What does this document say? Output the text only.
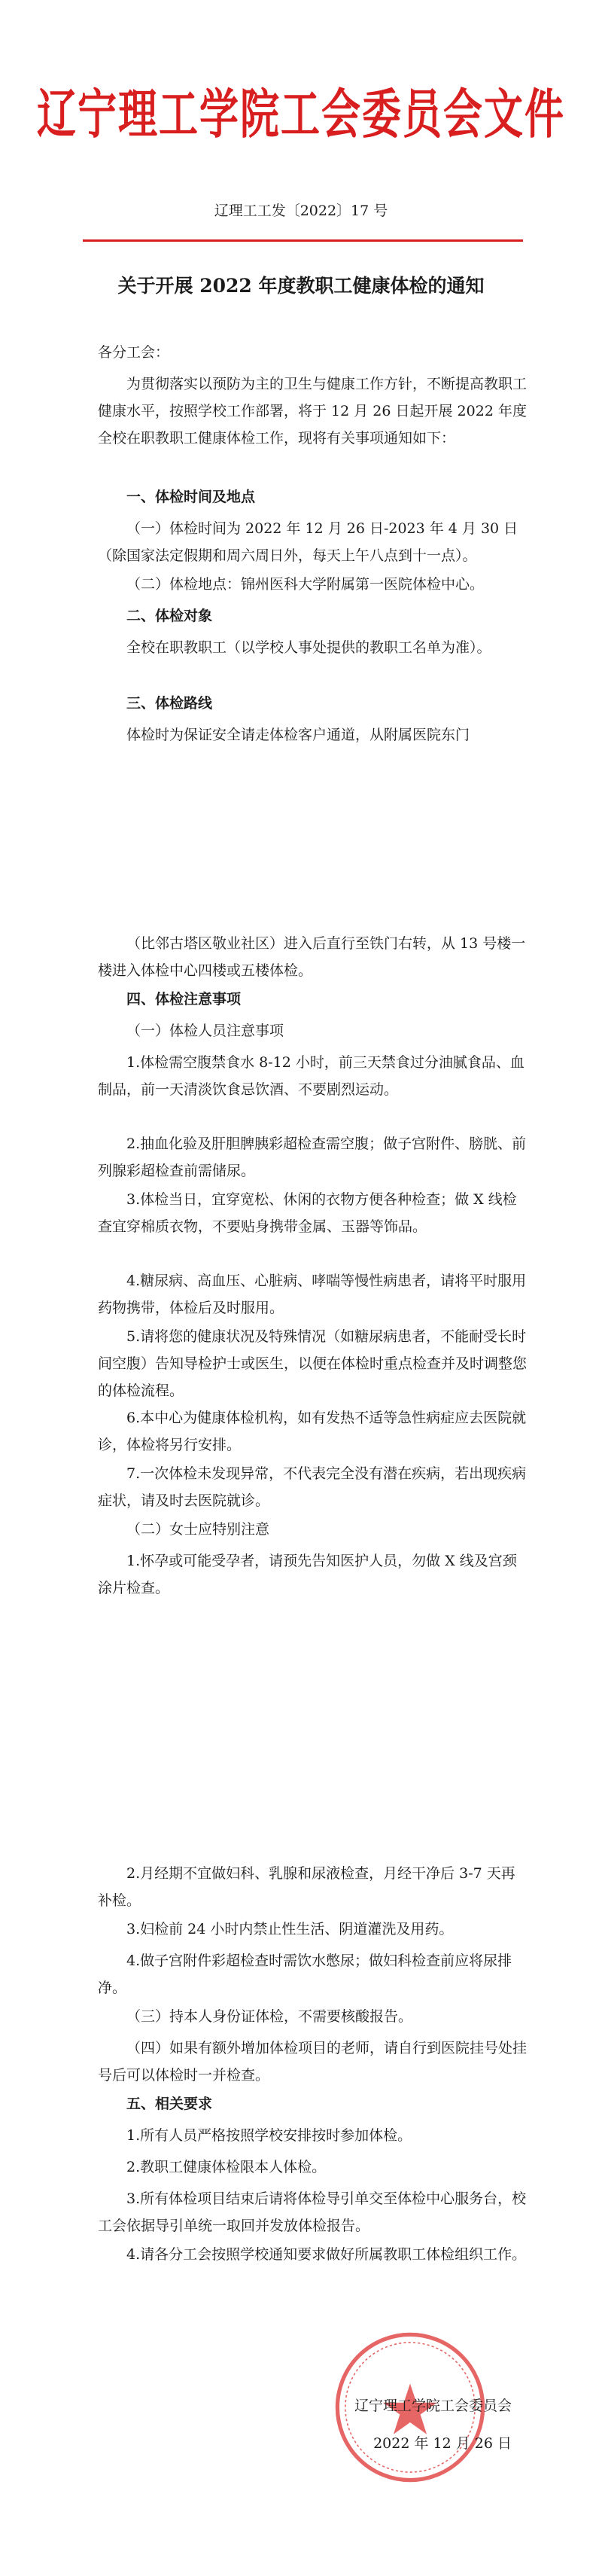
辽宁理工学院工会委员会文件
辽理工工发〔2022〕17 号
关于开展 2022 年度教职工健康体检的通知
各分工会：
为贯彻落实以预防为主的卫生与健康工作方针，不断提高教职工健康水平，按照学校工作部署，将于 12 月 26 日起开展 2022 年度全校在职教职工健康体检工作，现将有关事项通知如下：
一、体检时间及地点
（一）体检时间为 2022 年 12 月 26 日-2023 年 4 月 30 日（除国家法定假期和周六周日外，每天上午八点到十一点）。
（二）体检地点：锦州医科大学附属第一医院体检中心。
二、体检对象
全校在职教职工（以学校人事处提供的教职工名单为准）。
三、体检路线
体检时为保证安全请走体检客户通道，从附属医院东门
（比邻古塔区敬业社区）进入后直行至铁门右转，从 13 号楼一楼进入体检中心四楼或五楼体检。
四、体检注意事项
（一）体检人员注意事项
1.体检需空腹禁食水 8-12 小时，前三天禁食过分油腻食品、血制品，前一天清淡饮食忌饮酒、不要剧烈运动。
2.抽血化验及肝胆脾胰彩超检查需空腹；做子宫附件、膀胱、前列腺彩超检查前需储尿。
3.体检当日，宜穿宽松、休闲的衣物方便各种检查；做 X 线检查宜穿棉质衣物，不要贴身携带金属、玉器等饰品。
4.糖尿病、高血压、心脏病、哮喘等慢性病患者，请将平时服用药物携带，体检后及时服用。
5.请将您的健康状况及特殊情况（如糖尿病患者，不能耐受长时间空腹）告知导检护士或医生，以便在体检时重点检查并及时调整您的体检流程。
6.本中心为健康体检机构，如有发热不适等急性病症应去医院就诊，体检将另行安排。
7.一次体检未发现异常，不代表完全没有潜在疾病，若出现疾病症状，请及时去医院就诊。
（二）女士应特别注意
1.怀孕或可能受孕者，请预先告知医护人员，勿做 X 线及宫颈涂片检查。
2.月经期不宜做妇科、乳腺和尿液检查，月经干净后 3-7 天再补检。
3.妇检前 24 小时内禁止性生活、阴道灌洗及用药。
4.做子宫附件彩超检查时需饮水憋尿；做妇科检查前应将尿排净。
（三）持本人身份证体检，不需要核酸报告。
（四）如果有额外增加体检项目的老师，请自行到医院挂号处挂号后可以体检时一并检查。
五、相关要求
1.所有人员严格按照学校安排按时参加体检。
2.教职工健康体检限本人体检。
3.所有体检项目结束后请将体检导引单交至体检中心服务台，校工会依据导引单统一取回并发放体检报告。
4.请各分工会按照学校通知要求做好所属教职工体检组织工作。
辽宁理工学院工会委员会
2022 年 12 月 26 日
